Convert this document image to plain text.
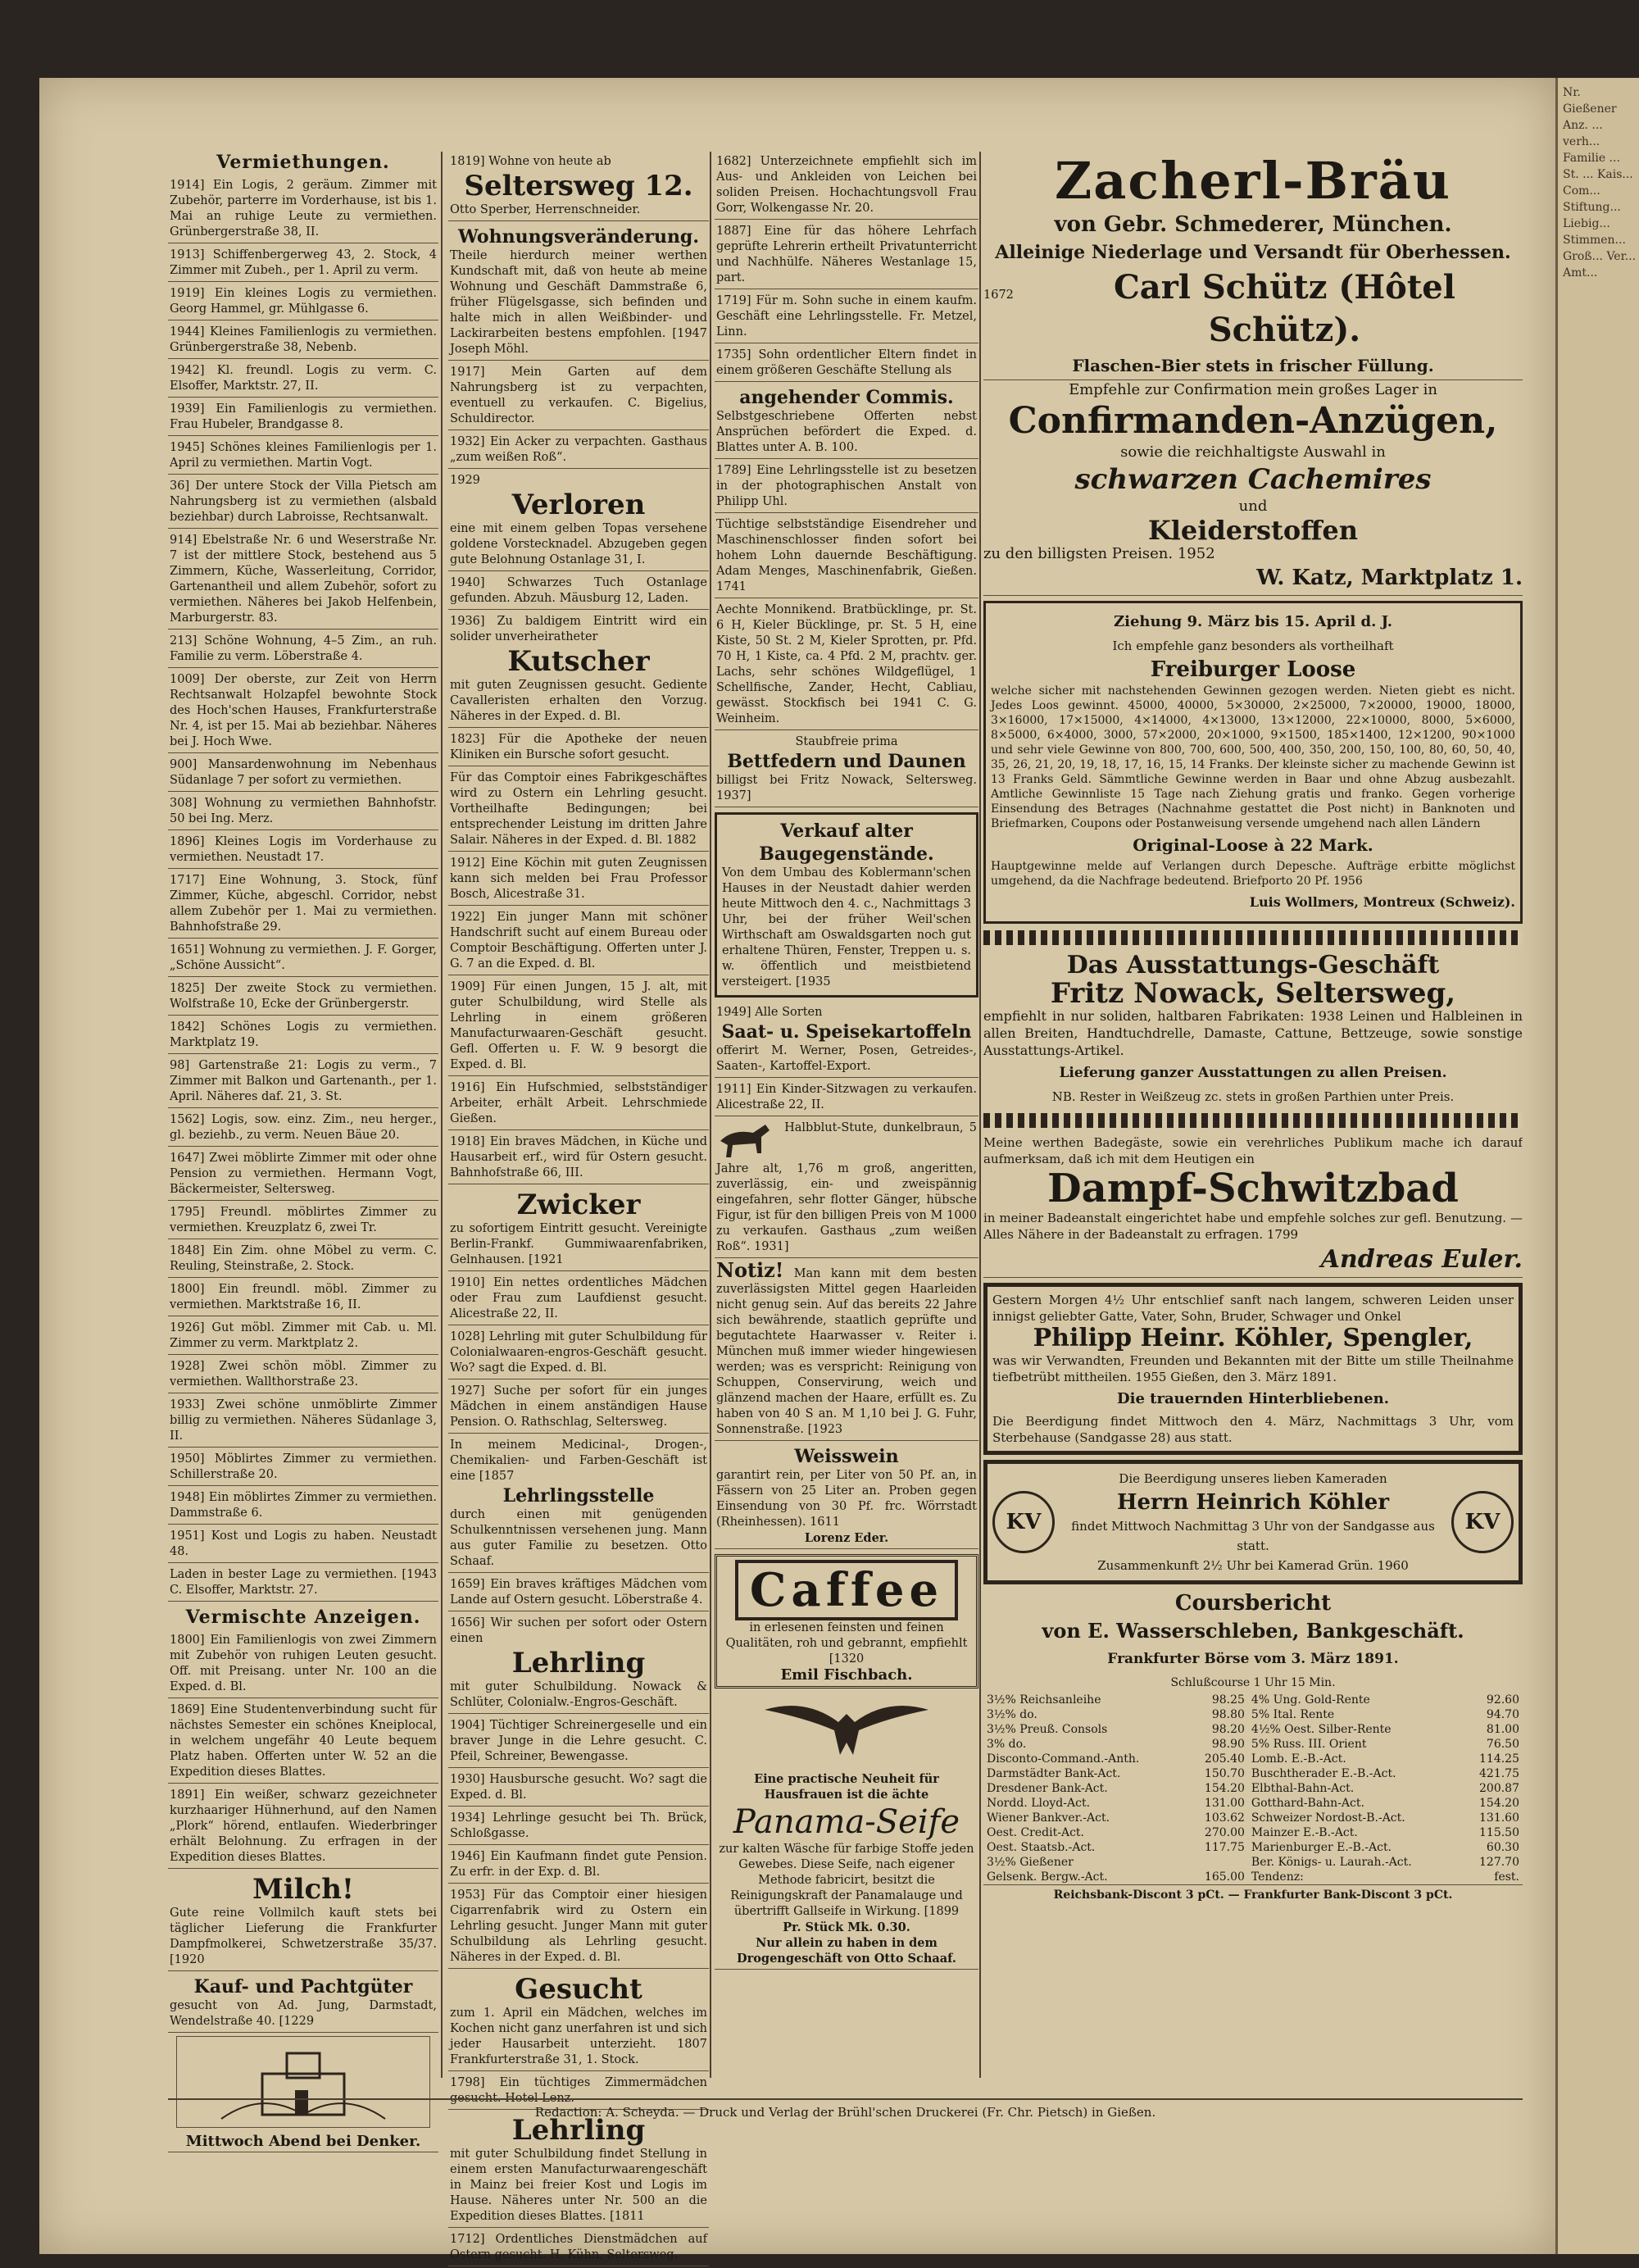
Nr. Gießener Anz. ... verh... Familie ... St. ... Kais... Com... Stiftung... Liebig... Stimmen... Groß... Ver... Amt...
Vermiethungen.
1914] Ein Logis, 2 geräum. Zimmer mit Zubehör, parterre im Vorderhause, ist bis 1. Mai an ruhige Leute zu vermiethen. Grünbergerstraße 38, II.
1913] Schiffenbergerweg 43, 2. Stock, 4 Zimmer mit Zubeh., per 1. April zu verm.
1919] Ein kleines Logis zu vermiethen. Georg Hammel, gr. Mühlgasse 6.
1944] Kleines Familienlogis zu vermiethen. Grünbergerstraße 38, Nebenb.
1942] Kl. freundl. Logis zu verm. C. Elsoffer, Marktstr. 27, II.
1939] Ein Familienlogis zu vermiethen. Frau Hubeler, Brandgasse 8.
1945] Schönes kleines Familienlogis per 1. April zu vermiethen. Martin Vogt.
36] Der untere Stock der Villa Pietsch am Nahrungsberg ist zu vermiethen (alsbald beziehbar) durch Labroisse, Rechtsanwalt.
914] Ebelstraße Nr. 6 und Weserstraße Nr. 7 ist der mittlere Stock, bestehend aus 5 Zimmern, Küche, Wasserleitung, Corridor, Gartenantheil und allem Zubehör, sofort zu vermiethen. Näheres bei Jakob Helfenbein, Marburgerstr. 83.
213] Schöne Wohnung, 4–5 Zim., an ruh. Familie zu verm. Löberstraße 4.
1009] Der oberste, zur Zeit von Herrn Rechtsanwalt Holzapfel bewohnte Stock des Hoch'schen Hauses, Frankfurterstraße Nr. 4, ist per 15. Mai ab beziehbar. Näheres bei J. Hoch Wwe.
900] Mansardenwohnung im Nebenhaus Südanlage 7 per sofort zu vermiethen.
308] Wohnung zu vermiethen Bahnhofstr. 50 bei Ing. Merz.
1896] Kleines Logis im Vorderhause zu vermiethen. Neustadt 17.
1717] Eine Wohnung, 3. Stock, fünf Zimmer, Küche, abgeschl. Corridor, nebst allem Zubehör per 1. Mai zu vermiethen. Bahnhofstraße 29.
1651] Wohnung zu vermiethen. J. F. Gorger, „Schöne Aussicht“.
1825] Der zweite Stock zu vermiethen. Wolfstraße 10, Ecke der Grünbergerstr.
1842] Schönes Logis zu vermiethen. Marktplatz 19.
98] Gartenstraße 21: Logis zu verm., 7 Zimmer mit Balkon und Gartenanth., per 1. April. Näheres daf. 21, 3. St.
1562] Logis, sow. einz. Zim., neu herger., gl. beziehb., zu verm. Neuen Bäue 20.
1647] Zwei möblirte Zimmer mit oder ohne Pension zu vermiethen. Hermann Vogt, Bäckermeister, Seltersweg.
1795] Freundl. möblirtes Zimmer zu vermiethen. Kreuzplatz 6, zwei Tr.
1848] Ein Zim. ohne Möbel zu verm. C. Reuling, Steinstraße, 2. Stock.
1800] Ein freundl. möbl. Zimmer zu vermiethen. Marktstraße 16, II.
1926] Gut möbl. Zimmer mit Cab. u. Ml. Zimmer zu verm. Marktplatz 2.
1928] Zwei schön möbl. Zimmer zu vermiethen. Wallthorstraße 23.
1933] Zwei schöne unmöblirte Zimmer billig zu vermiethen. Näheres Südanlage 3, II.
1950] Möblirtes Zimmer zu vermiethen. Schillerstraße 20.
1948] Ein möblirtes Zimmer zu vermiethen. Dammstraße 6.
1951] Kost und Logis zu haben. Neustadt 48.
Laden in bester Lage zu vermiethen. [1943 C. Elsoffer, Marktstr. 27.
Vermischte Anzeigen.
1800] Ein Familienlogis von zwei Zimmern mit Zubehör von ruhigen Leuten gesucht. Off. mit Preisang. unter Nr. 100 an die Exped. d. Bl.
1869] Eine Studentenverbindung sucht für nächstes Semester ein schönes Kneiplocal, in welchem ungefähr 40 Leute bequem Platz haben. Offerten unter W. 52 an die Expedition dieses Blattes.
1891] Ein weißer, schwarz gezeichneter kurzhaariger Hühnerhund, auf den Namen „Plork“ hörend, entlaufen. Wiederbringer erhält Belohnung. Zu erfragen in der Expedition dieses Blattes.
Milch!
Gute reine Vollmilch kauft stets bei täglicher Lieferung die Frankfurter Dampfmolkerei, Schwetzerstraße 35/37. [1920
Kauf- und Pachtgüter
gesucht von Ad. Jung, Darmstadt, Wendelstraße 40. [1229
Mittwoch Abend bei Denker.
1819] Wohne von heute ab
Seltersweg 12.
Otto Sperber, Herrenschneider.
Wohnungsveränderung.
Theile hierdurch meiner werthen Kundschaft mit, daß von heute ab meine Wohnung und Geschäft Dammstraße 6, früher Flügelsgasse, sich befinden und halte mich in allen Weißbinder- und Lackirarbeiten bestens empfohlen. [1947 Joseph Möhl.
1917] Mein Garten auf dem Nahrungsberg ist zu verpachten, eventuell zu verkaufen. C. Bigelius, Schuldirector.
1932] Ein Acker zu verpachten. Gasthaus „zum weißen Roß“.
1929
Verloren
eine mit einem gelben Topas versehene goldene Vorstecknadel. Abzugeben gegen gute Belohnung Ostanlage 31, I.
1940] Schwarzes Tuch Ostanlage gefunden. Abzuh. Mäusburg 12, Laden.
1936] Zu baldigem Eintritt wird ein solider unverheiratheter
Kutscher
mit guten Zeugnissen gesucht. Gediente Cavalleristen erhalten den Vorzug. Näheres in der Exped. d. Bl.
1823] Für die Apotheke der neuen Kliniken ein Bursche sofort gesucht.
Für das Comptoir eines Fabrikgeschäftes wird zu Ostern ein Lehrling gesucht. Vortheilhafte Bedingungen; bei entsprechender Leistung im dritten Jahre Salair. Näheres in der Exped. d. Bl. 1882
1912] Eine Köchin mit guten Zeugnissen kann sich melden bei Frau Professor Bosch, Alicestraße 31.
1922] Ein junger Mann mit schöner Handschrift sucht auf einem Bureau oder Comptoir Beschäftigung. Offerten unter J. G. 7 an die Exped. d. Bl.
1909] Für einen Jungen, 15 J. alt, mit guter Schulbildung, wird Stelle als Lehrling in einem größeren Manufacturwaaren-Geschäft gesucht. Gefl. Offerten u. F. W. 9 besorgt die Exped. d. Bl.
1916] Ein Hufschmied, selbstständiger Arbeiter, erhält Arbeit. Lehrschmiede Gießen.
1918] Ein braves Mädchen, in Küche und Hausarbeit erf., wird für Ostern gesucht. Bahnhofstraße 66, III.
Zwicker
zu sofortigem Eintritt gesucht. Vereinigte Berlin-Frankf. Gummiwaarenfabriken, Gelnhausen. [1921
1910] Ein nettes ordentliches Mädchen oder Frau zum Laufdienst gesucht. Alicestraße 22, II.
1028] Lehrling mit guter Schulbildung für Colonialwaaren-engros-Geschäft gesucht. Wo? sagt die Exped. d. Bl.
1927] Suche per sofort für ein junges Mädchen in einem anständigen Hause Pension. O. Rathschlag, Seltersweg.
In meinem Medicinal-, Drogen-, Chemikalien- und Farben-Geschäft ist eine [1857
Lehrlingsstelle
durch einen mit genügenden Schulkenntnissen versehenen jung. Mann aus guter Familie zu besetzen. Otto Schaaf.
1659] Ein braves kräftiges Mädchen vom Lande auf Ostern gesucht. Löberstraße 4.
1656] Wir suchen per sofort oder Ostern einen
Lehrling
mit guter Schulbildung. Nowack & Schlüter, Colonialw.-Engros-Geschäft.
1904] Tüchtiger Schreinergeselle und ein braver Junge in die Lehre gesucht. C. Pfeil, Schreiner, Bewengasse.
1930] Hausbursche gesucht. Wo? sagt die Exped. d. Bl.
1934] Lehrlinge gesucht bei Th. Brück, Schloßgasse.
1946] Ein Kaufmann findet gute Pension. Zu erfr. in der Exp. d. Bl.
1953] Für das Comptoir einer hiesigen Cigarrenfabrik wird zu Ostern ein Lehrling gesucht. Junger Mann mit guter Schulbildung als Lehrling gesucht. Näheres in der Exped. d. Bl.
Gesucht
zum 1. April ein Mädchen, welches im Kochen nicht ganz unerfahren ist und sich jeder Hausarbeit unterzieht. 1807 Frankfurterstraße 31, 1. Stock.
1798] Ein tüchtiges Zimmermädchen gesucht. Hotel Lenz.
Lehrling
mit guter Schulbildung findet Stellung in einem ersten Manufacturwaarengeschäft in Mainz bei freier Kost und Logis im Hause. Näheres unter Nr. 500 an die Expedition dieses Blattes. [1811
1712] Ordentliches Dienstmädchen auf Ostern gesucht. H. Kühn, Seltersweg.
1682] Unterzeichnete empfiehlt sich im Aus- und Ankleiden von Leichen bei soliden Preisen. Hochachtungsvoll Frau Gorr, Wolkengasse Nr. 20.
1887] Eine für das höhere Lehrfach geprüfte Lehrerin ertheilt Privatunterricht und Nachhülfe. Näheres Westanlage 15, part.
1719] Für m. Sohn suche in einem kaufm. Geschäft eine Lehrlingsstelle. Fr. Metzel, Linn.
1735] Sohn ordentlicher Eltern findet in einem größeren Geschäfte Stellung als
angehender Commis.
Selbstgeschriebene Offerten nebst Ansprüchen befördert die Exped. d. Blattes unter A. B. 100.
1789] Eine Lehrlingsstelle ist zu besetzen in der photographischen Anstalt von Philipp Uhl.
Tüchtige selbstständige Eisendreher und Maschinenschlosser finden sofort bei hohem Lohn dauernde Beschäftigung. Adam Menges, Maschinenfabrik, Gießen. 1741
Aechte Monnikend. Bratbücklinge, pr. St. 6 H, Kieler Bücklinge, pr. St. 5 H, eine Kiste, 50 St. 2 M, Kieler Sprotten, pr. Pfd. 70 H, 1 Kiste, ca. 4 Pfd. 2 M, prachtv. ger. Lachs, sehr schönes Wildgeflügel, 1 Schellfische, Zander, Hecht, Cabliau, gewässt. Stockfisch bei 1941 C. G. Weinheim.
Staubfreie prima
Bettfedern und Daunen
billigst bei Fritz Nowack, Seltersweg. 1937]
Verkauf alter Baugegenstände.
Von dem Umbau des Koblermann'schen Hauses in der Neustadt dahier werden heute Mittwoch den 4. c., Nachmittags 3 Uhr, bei der früher Weil'schen Wirthschaft am Oswaldsgarten noch gut erhaltene Thüren, Fenster, Treppen u. s. w. öffentlich und meistbietend versteigert. [1935
1949] Alle Sorten
Saat- u. Speisekartoffeln
offerirt M. Werner, Posen, Getreides-, Saaten-, Kartoffel-Export.
1911] Ein Kinder-Sitzwagen zu verkaufen. Alicestraße 22, II.
Halbblut-Stute, dunkelbraun, 5 Jahre alt, 1,76 m groß, angeritten, zuverlässig, ein- und zweispännig eingefahren, sehr flotter Gänger, hübsche Figur, ist für den billigen Preis von M 1000 zu verkaufen. Gasthaus „zum weißen Roß“. 1931]
Notiz! Man kann mit dem besten zuverlässigsten Mittel gegen Haarleiden nicht genug sein. Auf das bereits 22 Jahre sich bewährende, staatlich geprüfte und begutachtete Haarwasser v. Reiter i. München muß immer wieder hingewiesen werden; was es verspricht: Reinigung von Schuppen, Conservirung, weich und glänzend machen der Haare, erfüllt es. Zu haben von 40 S an. M 1,10 bei J. G. Fuhr, Sonnenstraße. [1923
Weisswein
garantirt rein, per Liter von 50 Pf. an, in Fässern von 25 Liter an. Proben gegen Einsendung von 30 Pf. frc. Wörrstadt (Rheinhessen). 1611
Lorenz Eder.
Caffee
in erlesenen feinsten und feinen Qualitäten, roh und gebrannt, empfiehlt [1320
Emil Fischbach.
Eine practische Neuheit für Hausfrauen ist die ächte
Panama-Seife
zur kalten Wäsche für farbige Stoffe jeden Gewebes. Diese Seife, nach eigener Methode fabricirt, besitzt die Reinigungskraft der Panamalauge und übertrifft Gallseife in Wirkung. [1899
Pr. Stück Mk. 0.30.
Nur allein zu haben in dem Drogengeschäft von Otto Schaaf.
Zacherl-Bräu
von Gebr. Schmederer, München.
Alleinige Niederlage und Versandt für Oberhessen.
1672	Carl Schütz (Hôtel Schütz).
Flaschen-Bier stets in frischer Füllung.
Empfehle zur Confirmation mein großes Lager in
Confirmanden-Anzügen,
sowie die reichhaltigste Auswahl in
schwarzen Cachemires
und
Kleiderstoffen
zu den billigsten Preisen. 1952
W. Katz, Marktplatz 1.
Ziehung 9. März bis 15. April d. J.
Ich empfehle ganz besonders als vortheilhaft
Freiburger Loose
welche sicher mit nachstehenden Gewinnen gezogen werden. Nieten giebt es nicht. Jedes Loos gewinnt. 45000, 40000, 5×30000, 2×25000, 7×20000, 19000, 18000, 3×16000, 17×15000, 4×14000, 4×13000, 13×12000, 22×10000, 8000, 5×6000, 8×5000, 6×4000, 3000, 57×2000, 20×1000, 9×1500, 185×1400, 12×1200, 90×1000 und sehr viele Gewinne von 800, 700, 600, 500, 400, 350, 200, 150, 100, 80, 60, 50, 40, 35, 26, 21, 20, 19, 18, 17, 16, 15, 14 Franks. Der kleinste sicher zu machende Gewinn ist 13 Franks Geld. Sämmtliche Gewinne werden in Baar und ohne Abzug ausbezahlt. Amtliche Gewinnliste 15 Tage nach Ziehung gratis und franko. Gegen vorherige Einsendung des Betrages (Nachnahme gestattet die Post nicht) in Banknoten und Briefmarken, Coupons oder Postanweisung versende umgehend nach allen Ländern
Original-Loose à 22 Mark.
Hauptgewinne melde auf Verlangen durch Depesche. Aufträge erbitte möglichst umgehend, da die Nachfrage bedeutend. Briefporto 20 Pf. 1956
Luis Wollmers, Montreux (Schweiz).
Das Ausstattungs-Geschäft
Fritz Nowack, Seltersweg,
empfiehlt in nur soliden, haltbaren Fabrikaten: 1938 Leinen und Halbleinen in allen Breiten, Handtuchdrelle, Damaste, Cattune, Bettzeuge, sowie sonstige Ausstattungs-Artikel.
Lieferung ganzer Ausstattungen zu allen Preisen.
NB. Rester in Weißzeug zc. stets in großen Parthien unter Preis.
Meine werthen Badegäste, sowie ein verehrliches Publikum mache ich darauf aufmerksam, daß ich mit dem Heutigen ein
Dampf-Schwitzbad
in meiner Badeanstalt eingerichtet habe und empfehle solches zur gefl. Benutzung. — Alles Nähere in der Badeanstalt zu erfragen. 1799
Andreas Euler.
Gestern Morgen 4½ Uhr entschlief sanft nach langem, schweren Leiden unser innigst geliebter Gatte, Vater, Sohn, Bruder, Schwager und Onkel
Philipp Heinr. Köhler, Spengler,
was wir Verwandten, Freunden und Bekannten mit der Bitte um stille Theilnahme tiefbetrübt mittheilen. 1955 Gießen, den 3. März 1891.
Die trauernden Hinterbliebenen.
Die Beerdigung findet Mittwoch den 4. März, Nachmittags 3 Uhr, vom Sterbehause (Sandgasse 28) aus statt.
KV
Die Beerdigung unseres lieben Kameraden
Herrn Heinrich Köhler
findet Mittwoch Nachmittag 3 Uhr von der Sandgasse aus statt.
Zusammenkunft 2½ Uhr bei Kamerad Grün. 1960
KV
Coursbericht
von E. Wasserschleben, Bankgeschäft.
Frankfurter Börse vom 3. März 1891.
Schlußcourse 1 Uhr 15 Min.
3½% Reichsanleihe	98.25	4% Ung. Gold-Rente	92.60
3½% do.	98.80	5% Ital. Rente	94.70
3½% Preuß. Consols	98.20	4½% Oest. Silber-Rente	81.00
3% do.	98.90	5% Russ. III. Orient	76.50
Disconto-Command.-Anth.	205.40	Lomb. E.-B.-Act.	114.25
Darmstädter Bank-Act.	150.70	Buschtherader E.-B.-Act.	421.75
Dresdener Bank-Act.	154.20	Elbthal-Bahn-Act.	200.87
Nordd. Lloyd-Act.	131.00	Gotthard-Bahn-Act.	154.20
Wiener Bankver.-Act.	103.62	Schweizer Nordost-B.-Act.	131.60
Oest. Credit-Act.	270.00	Mainzer E.-B.-Act.	115.50
Oest. Staatsb.-Act.	117.75	Marienburger E.-B.-Act.	60.30
3½% Gießener		Ber. Königs- u. Laurah.-Act.	127.70
Gelsenk. Bergw.-Act.	165.00	Tendenz:	fest.
Reichsbank-Discont 3 pCt. — Frankfurter Bank-Discont 3 pCt.
Redaction: A. Scheyda. — Druck und Verlag der Brühl'schen Druckerei (Fr. Chr. Pietsch) in Gießen.
